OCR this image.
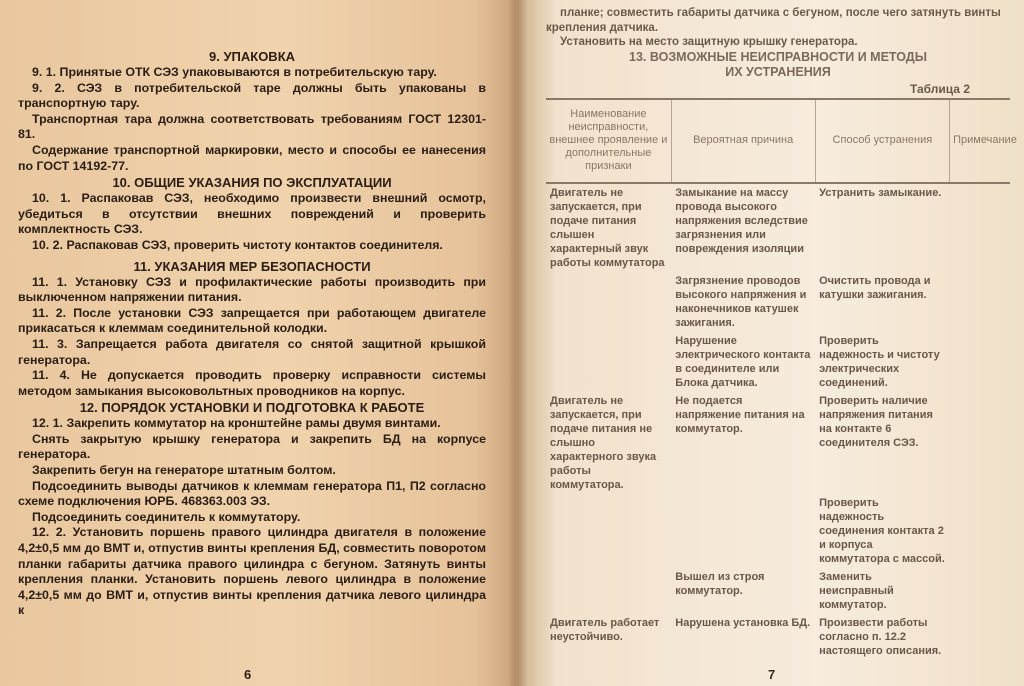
9. УПАКОВКА

9. 1. Принятые ОТК СЭЗ упаковываются в потребительскую тару.

9. 2. СЭЗ в потребительской таре должны быть упакованы в транспортную тару.

Транспортная тара должна соответствовать требованиям ГОСТ 12301-81.

Содержание транспортной маркировки, место и способы ее нанесения по ГОСТ 14192-77.

10. ОБЩИЕ УКАЗАНИЯ ПО ЭКСПЛУАТАЦИИ

10. 1. Распаковав СЭЗ, необходимо произвести внешний осмотр, убедиться в отсутствии внешних повреждений и проверить комплектность СЭЗ.

10. 2. Распаковав СЭЗ, проверить чистоту контактов соединителя.

11. УКАЗАНИЯ МЕР БЕЗОПАСНОСТИ

11. 1. Установку СЭЗ и профилактические работы производить при выключенном напряжении питания.

11. 2. После установки СЭЗ запрещается при работающем двигателе прикасаться к клеммам соединительной колодки.

11. 3. Запрещается работа двигателя со снятой защитной крышкой генератора.

11. 4. Не допускается проводить проверку исправности системы методом замыкания высоковольтных проводников на корпус.

12. ПОРЯДОК УСТАНОВКИ И ПОДГОТОВКА К РАБОТЕ

12. 1. Закрепить коммутатор на кронштейне рамы двумя винтами.

Снять закрытую крышку генератора и закрепить БД на корпусе генератора.

Закрепить бегун на генераторе штатным болтом.

Подсоединить выводы датчиков к клеммам генератора П1, П2 согласно схеме подключения ЮРБ. 468363.003 ЭЗ.

Подсоединить соединитель к коммутатору.

12. 2. Установить поршень правого цилиндра двигателя в положение 4,2±0,5 мм до ВМТ и, отпустив винты крепления БД, совместить поворотом планки габариты датчика правого цилиндра с бегуном. Затянуть винты крепления планки. Установить поршень левого цилиндра в положение 4,2±0,5 мм до ВМТ и, отпустив винты крепления датчика левого цилиндра к

6

планке; совместить габариты датчика с бегуном, после чего затянуть винты крепления датчика.

Установить на место защитную крышку генератора.

13. ВОЗМОЖНЫЕ НЕИСПРАВНОСТИ И МЕТОДЫ

ИХ УСТРАНЕНИЯ

Таблица 2

Наименование неисправности, внешнее проявление и дополнительные признаки	Вероятная причина	Способ устранения	Примечание
Двигатель не запускается, при подаче питания слышен характерный звук работы коммутатора	Замыкание на массу провода высокого напряжения вследствие загрязнения или повреждения изоляции	Устранить замыкание.	
	Загрязнение проводов высокого напряжения и наконечников катушек зажигания.	Очистить провода и катушки зажигания.	
	Нарушение электрического контакта в соединителе или Блока датчика.	Проверить надежность и чистоту электрических соединений.	
Двигатель не запускается, при подаче питания не слышно характерного звука работы коммутатора.	Не подается напряжение питания на коммутатор.	Проверить наличие напряжения питания на контакте 6 соединителя СЭЗ.	
		Проверить надежность соединения контакта 2 и корпуса коммутатора с массой.	
	Вышел из строя коммутатор.	Заменить неисправный коммутатор.	
Двигатель работает неустойчиво.	Нарушена установка БД.	Произвести работы согласно п. 12.2 настоящего описания.	
7
